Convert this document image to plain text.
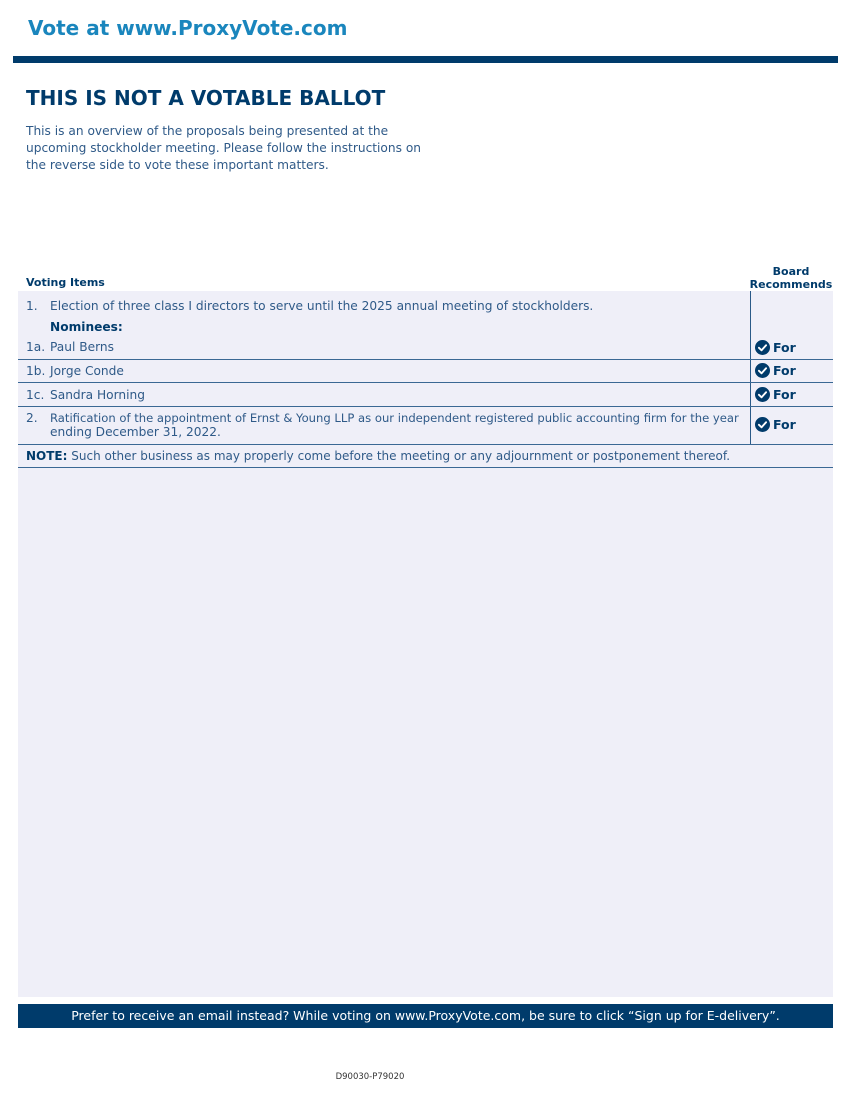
Vote at www.ProxyVote.com
THIS IS NOT A VOTABLE BALLOT
This is an overview of the proposals being presented at the
upcoming stockholder meeting. Please follow the instructions on
the reverse side to vote these important matters.
Voting Items
Board
Recommends
1. Election of three class I directors to serve until the 2025 annual meeting of stockholders.
Nominees:
1a. Paul Berns	For
1b. Jorge Conde	For
1c. Sandra Horning	For
2. Ratification of the appointment of Ernst & Young LLP as our independent registered public accounting firm for the year
ending December 31, 2022.	For
NOTE: Such other business as may properly come before the meeting or any adjournment or postponement thereof.
Prefer to receive an email instead? While voting on www.ProxyVote.com, be sure to click “Sign up for E-delivery”.
D90030-P79020
